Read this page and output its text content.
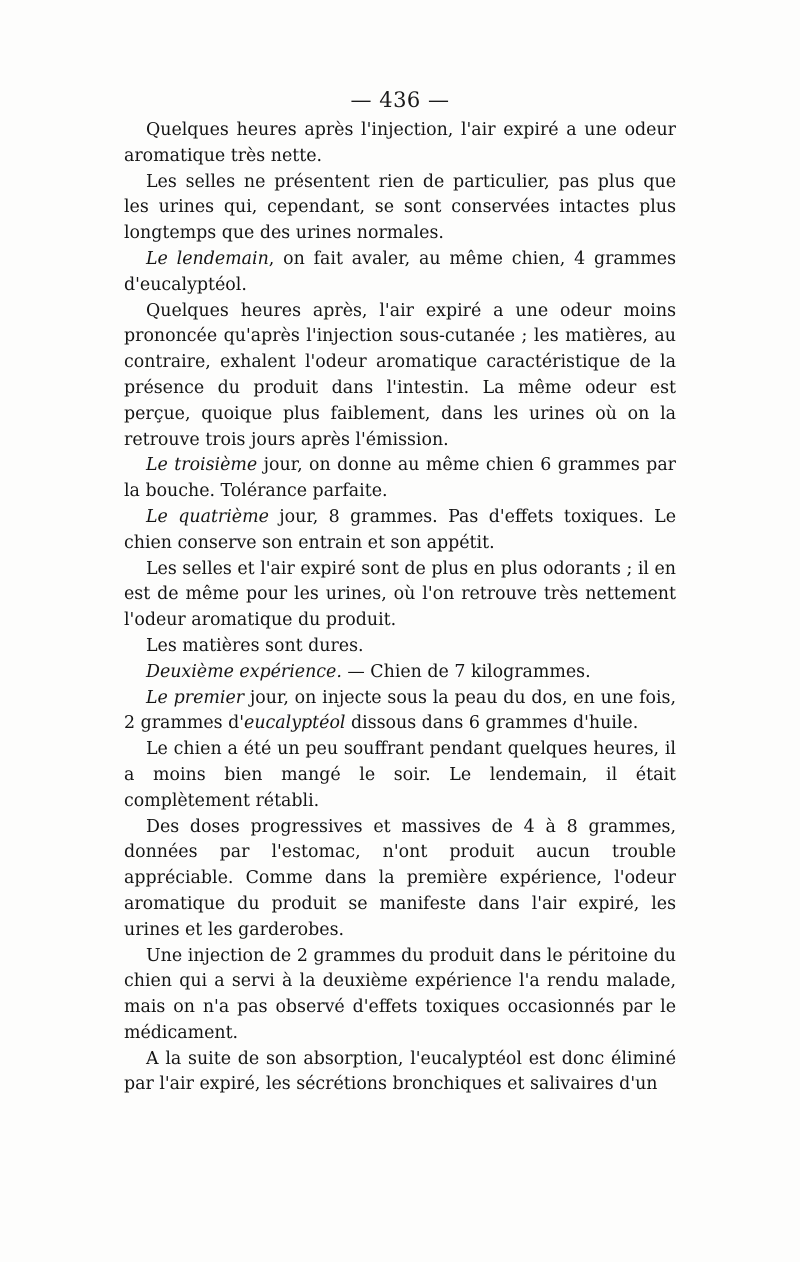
— 436 —

Quelques heures après l'injection, l'air expiré a une odeur aromatique très nette.

Les selles ne présentent rien de particulier, pas plus que les urines qui, cependant, se sont conservées intactes plus longtemps que des urines normales.

Le lendemain, on fait avaler, au même chien, 4 grammes d'eucalyptéol.

Quelques heures après, l'air expiré a une odeur moins prononcée qu'après l'injection sous-cutanée ; les matières, au contraire, exhalent l'odeur aromatique caractéristique de la présence du produit dans l'intestin. La même odeur est perçue, quoique plus faiblement, dans les urines où on la retrouve trois jours après l'émission.

Le troisième jour, on donne au même chien 6 grammes par la bouche. Tolérance parfaite.

Le quatrième jour, 8 grammes. Pas d'effets toxiques. Le chien conserve son entrain et son appétit.

Les selles et l'air expiré sont de plus en plus odorants ; il en est de même pour les urines, où l'on retrouve très nettement l'odeur aromatique du produit.

Les matières sont dures.

Deuxième expérience. — Chien de 7 kilogrammes.

Le premier jour, on injecte sous la peau du dos, en une fois, 2 grammes d'eucalyptéol dissous dans 6 grammes d'huile.

Le chien a été un peu souffrant pendant quelques heures, il a moins bien mangé le soir. Le lendemain, il était complètement rétabli.

Des doses progressives et massives de 4 à 8 grammes, données par l'estomac, n'ont produit aucun trouble appréciable. Comme dans la première expérience, l'odeur aromatique du produit se manifeste dans l'air expiré, les urines et les garderobes.

Une injection de 2 grammes du produit dans le péritoine du chien qui a servi à la deuxième expérience l'a rendu malade, mais on n'a pas observé d'effets toxiques occasionnés par le médicament.

A la suite de son absorption, l'eucalyptéol est donc éliminé par l'air expiré, les sécrétions bronchiques et salivaires d'un
